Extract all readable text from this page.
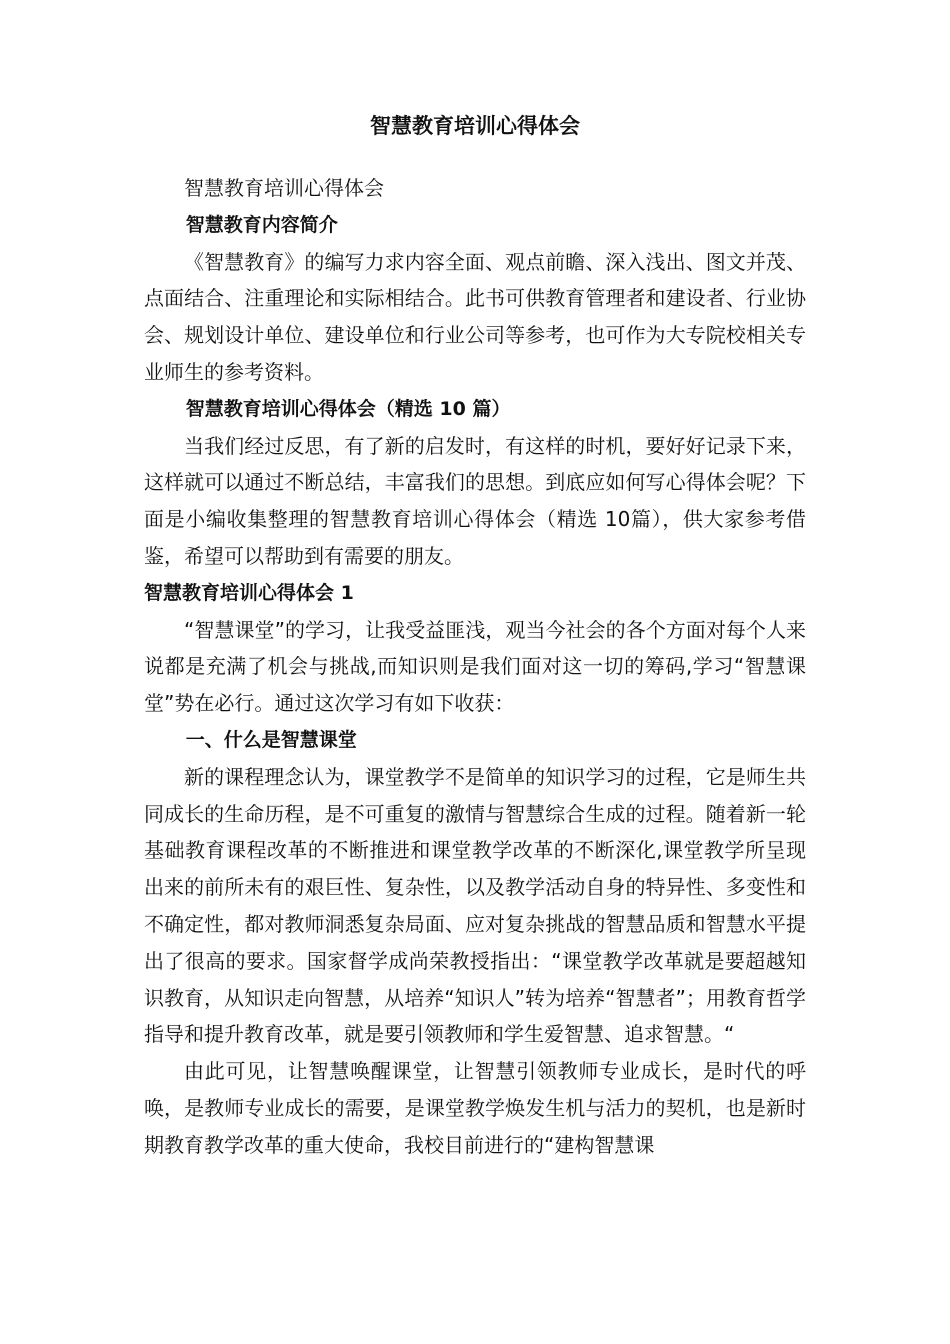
智慧教育培训心得体会

智慧教育培训心得体会

智慧教育内容简介

《智慧教育》的编写力求内容全面、观点前瞻、深入浅出、图文并茂、点面结合、注重理论和实际相结合。此书可供教育管理者和建设者、行业协会、规划设计单位、建设单位和行业公司等参考，也可作为大专院校相关专业师生的参考资料。

智慧教育培训心得体会（精选 10 篇）

当我们经过反思，有了新的启发时，有这样的时机，要好好记录下来，这样就可以通过不断总结，丰富我们的思想。到底应如何写心得体会呢？下面是小编收集整理的智慧教育培训心得体会（精选 10篇），供大家参考借鉴，希望可以帮助到有需要的朋友。

智慧教育培训心得体会 1

“智慧课堂”的学习，让我受益匪浅，观当今社会的各个方面对每个人来说都是充满了机会与挑战,而知识则是我们面对这一切的筹码,学习“智慧课堂”势在必行。通过这次学习有如下收获：

一、什么是智慧课堂

新的课程理念认为，课堂教学不是简单的知识学习的过程，它是师生共同成长的生命历程，是不可重复的激情与智慧综合生成的过程。随着新一轮基础教育课程改革的不断推进和课堂教学改革的不断深化,课堂教学所呈现出来的前所未有的艰巨性、复杂性，以及教学活动自身的特异性、多变性和不确定性，都对教师洞悉复杂局面、应对复杂挑战的智慧品质和智慧水平提出了很高的要求。国家督学成尚荣教授指出：“课堂教学改革就是要超越知识教育，从知识走向智慧，从培养“知识人”转为培养“智慧者”；用教育哲学指导和提升教育改革，就是要引领教师和学生爱智慧、追求智慧。“

由此可见，让智慧唤醒课堂，让智慧引领教师专业成长，是时代的呼唤，是教师专业成长的需要，是课堂教学焕发生机与活力的契机，也是新时期教育教学改革的重大使命，我校目前进行的“建构智慧课
